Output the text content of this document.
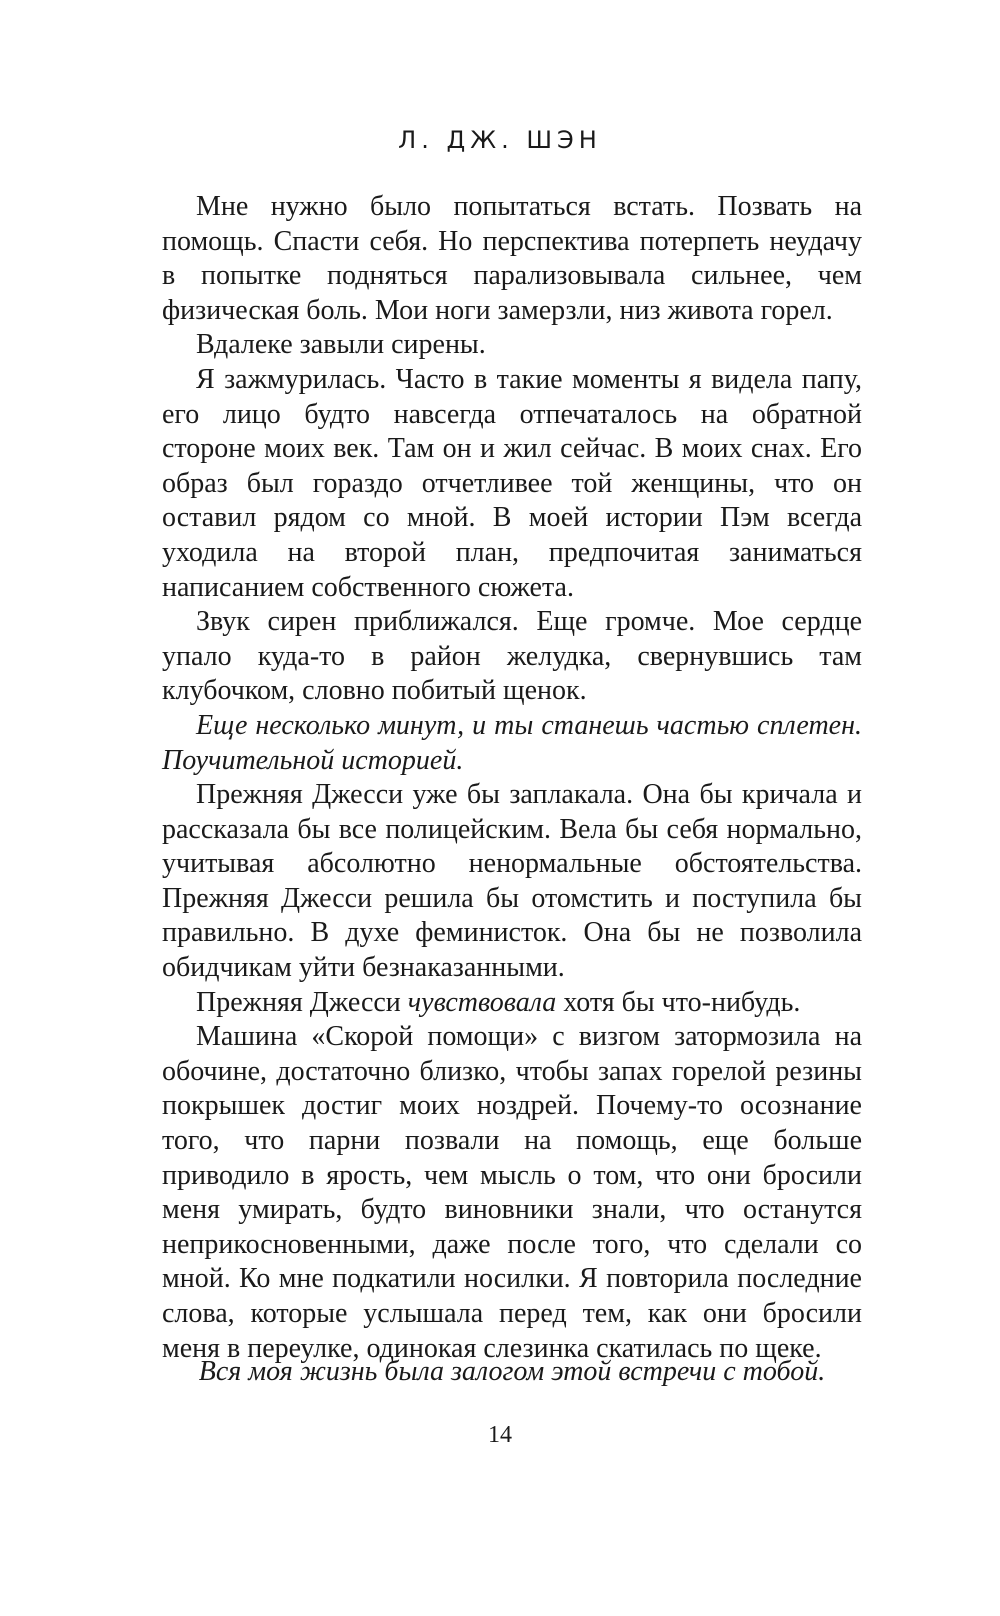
Л. ДЖ. ШЭН

Мне нужно было попытаться встать. Позвать на помощь. Спасти себя. Но перспектива потерпеть неудачу в попытке подняться парализовывала сильнее, чем физическая боль. Мои ноги замерзли, низ живота горел.

Вдалеке завыли сирены.

Я зажмурилась. Часто в такие моменты я видела папу, его лицо будто навсегда отпечаталось на обратной стороне моих век. Там он и жил сейчас. В моих снах. Его образ был гораздо отчетливее той женщины, что он оставил рядом со мной. В моей истории Пэм всегда уходила на второй план, предпочитая заниматься написанием собственного сюжета.

Звук сирен приближался. Еще громче. Мое сердце упало куда-то в район желудка, свернувшись там клубочком, словно побитый щенок.

Еще несколько минут, и ты станешь частью сплетен. Поучительной историей.

Прежняя Джесси уже бы заплакала. Она бы кричала и рассказала бы все полицейским. Вела бы себя нормально, учитывая абсолютно ненормальные обстоятельства. Прежняя Джесси решила бы отомстить и поступила бы правильно. В духе феминисток. Она бы не позволила обидчикам уйти безнаказанными.

Прежняя Джесси чувствовала хотя бы что-нибудь.

Машина «Скорой помощи» с визгом затормозила на обочине, достаточно близко, чтобы запах горелой резины покрышек достиг моих ноздрей. Почему-то осознание того, что парни позвали на помощь, еще больше приводило в ярость, чем мысль о том, что они бросили меня умирать, будто виновники знали, что останутся неприкосновенными, даже после того, что сделали со мной. Ко мне подкатили носилки. Я повторила последние слова, которые услышала перед тем, как они бросили меня в переулке, одинокая слезинка скатилась по щеке.

Вся моя жизнь была залогом этой встречи с тобой.
14
